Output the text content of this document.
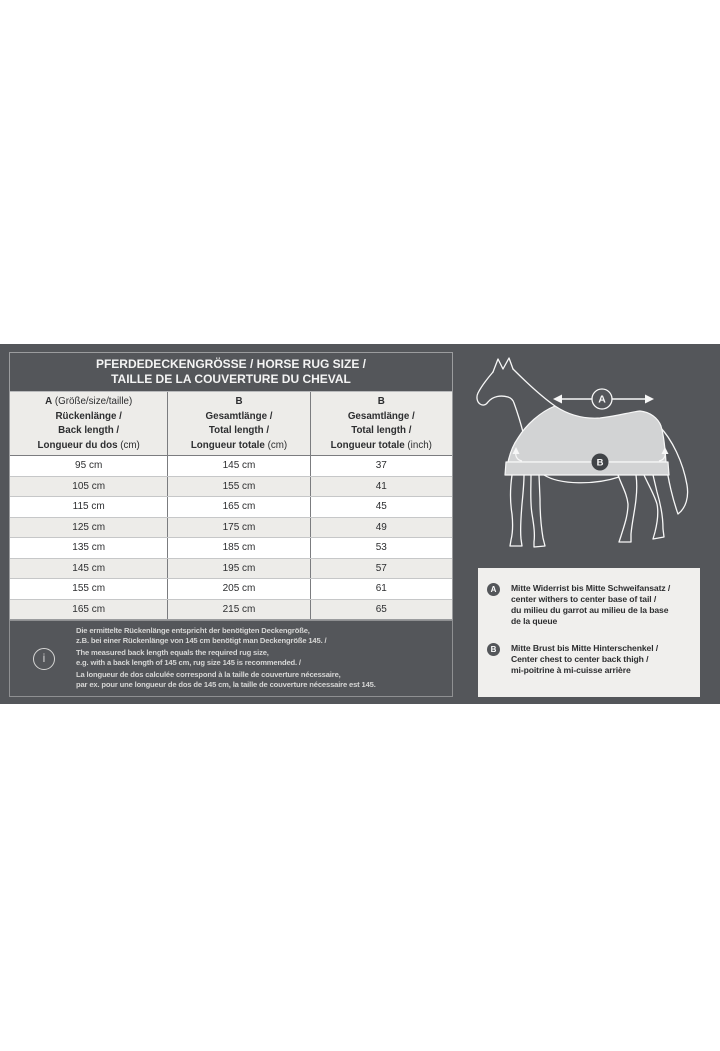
PFERDEDECKENGRÖSSE / HORSE RUG SIZE /
TAILLE DE LA COUVERTURE DU CHEVAL
A (Größe/size/taille)
Rückenlänge /
Back length /
Longueur du dos (cm)
B
Gesamtlänge /
Total length /
Longueur totale (cm)
B
Gesamtlänge /
Total length /
Longueur totale (inch)
95 cm	145 cm	37
105 cm	155 cm	41
115 cm	165 cm	45
125 cm	175 cm	49
135 cm	185 cm	53
145 cm	195 cm	57
155 cm	205 cm	61
165 cm	215 cm	65
i

Die ermittelte Rückenlänge entspricht der benötigten Deckengröße,
z.B. bei einer Rückenlänge von 145 cm benötigt man Deckengröße 145. /

The measured back length equals the required rug size,
e.g. with a back length of 145 cm, rug size 145 is recommended. /

La longueur de dos calculée correspond à la taille de couverture nécessaire,
par ex. pour une longueur de dos de 145 cm, la taille de couverture nécessaire est 145.

A	Mitte Widerrist bis Mitte Schweifansatz /
center withers to center base of tail /
du milieu du garrot au milieu de la base
de la queue
B	Mitte Brust bis Mitte Hinterschenkel /
Center chest to center back thigh /
mi-poitrine à mi-cuisse arrière
A
B
